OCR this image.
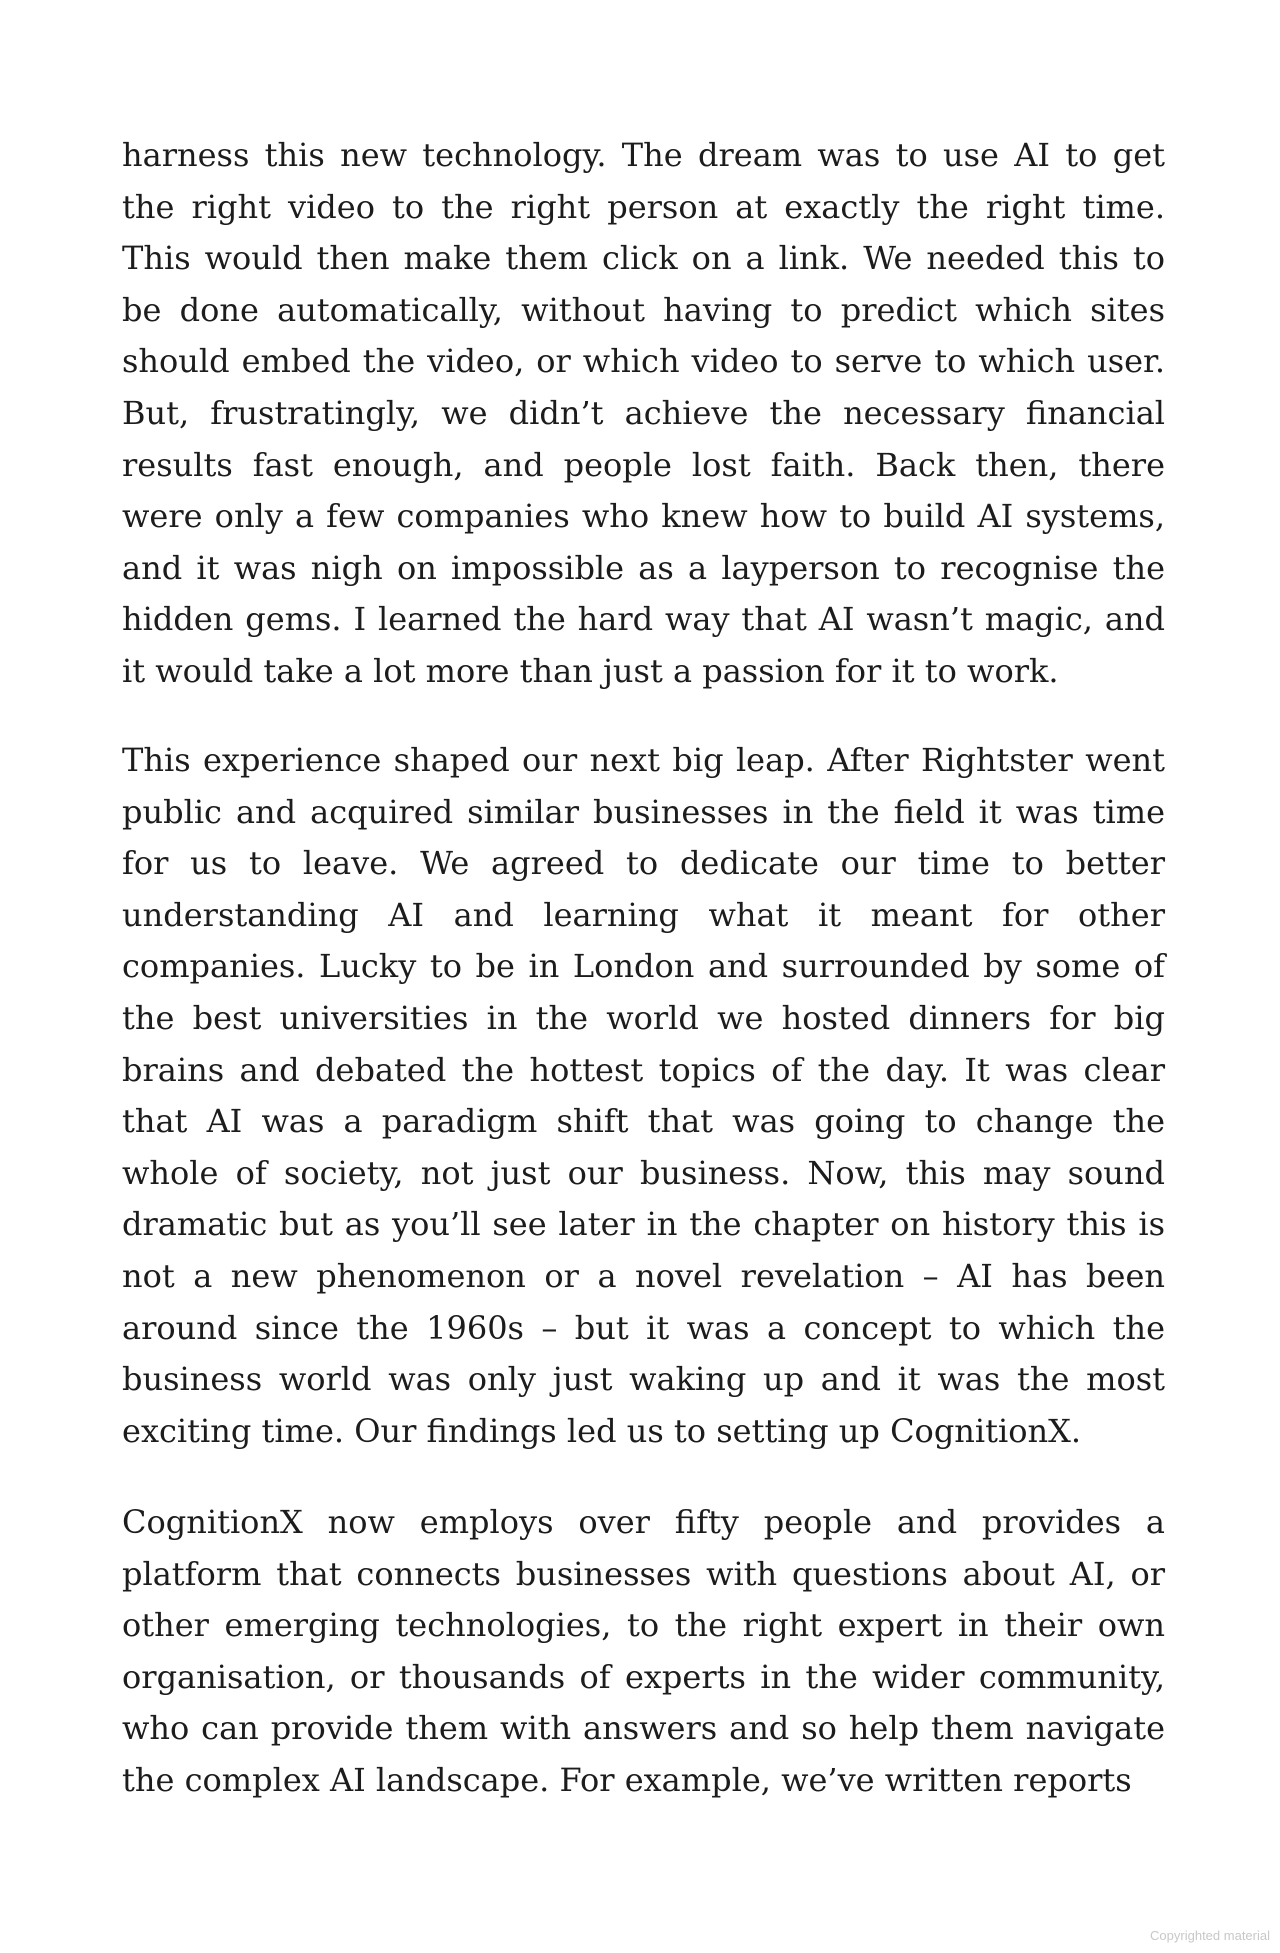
harness this new technology. The dream was to use AI to get the right video to the right person at exactly the right time. This would then make them click on a link. We needed this to be done automatically, without having to predict which sites should embed the video, or which video to serve to which user. But, frustratingly, we didn’t achieve the necessary financial results fast enough, and people lost faith. Back then, there were only a few companies who knew how to build AI systems, and it was nigh on impossible as a layperson to recognise the hidden gems. I learned the hard way that AI wasn’t magic, and it would take a lot more than just a passion for it to work.

This experience shaped our next big leap. After Rightster went public and acquired similar businesses in the field it was time for us to leave. We agreed to dedicate our time to better understanding AI and learning what it meant for other companies. Lucky to be in London and surrounded by some of the best universities in the world we hosted dinners for big brains and debated the hottest topics of the day. It was clear that AI was a paradigm shift that was going to change the whole of society, not just our business. Now, this may sound dramatic but as you’ll see later in the chapter on history this is not a new phenomenon or a novel revelation – AI has been around since the 1960s – but it was a concept to which the business world was only just waking up and it was the most exciting time. Our findings led us to setting up CognitionX.

CognitionX now employs over fifty people and provides a platform that connects businesses with questions about AI, or other emerging technologies, to the right expert in their own organisation, or thousands of experts in the wider community, who can provide them with answers and so help them navigate the complex AI landscape. For example, we’ve written reports

Copyrighted material
